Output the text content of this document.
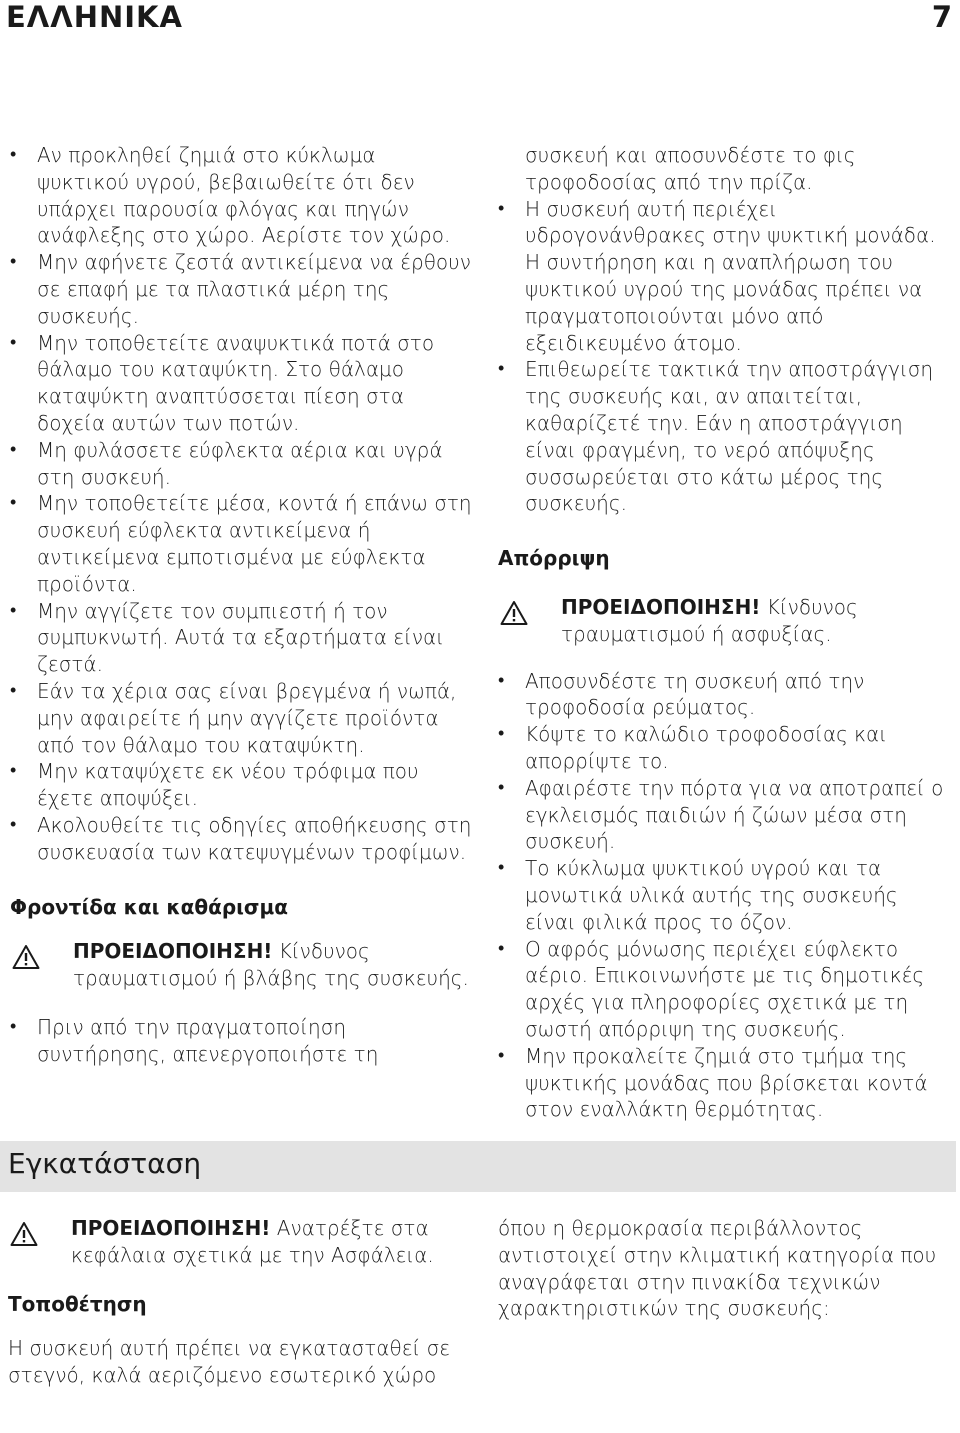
ΕΛΛΗΝΙΚΑ	7
• Αν προκληθεί ζημιά στο κύκλωμα ψυκτικού υγρού, βεβαιωθείτε ότι δεν υπάρχει παρουσία φλόγας και πηγών ανάφλεξης στο χώρο. Αερίστε τον χώρο.
• Μην αφήνετε ζεστά αντικείμενα να έρθουν σε επαφή με τα πλαστικά μέρη της συσκευής.
• Μην τοποθετείτε αναψυκτικά ποτά στο θάλαμο του καταψύκτη. Στο θάλαμο καταψύκτη αναπτύσσεται πίεση στα δοχεία αυτών των ποτών.
• Μη φυλάσσετε εύφλεκτα αέρια και υγρά στη συσκευή.
• Μην τοποθετείτε μέσα, κοντά ή επάνω στη συσκευή εύφλεκτα αντικείμενα ή αντικείμενα εμποτισμένα με εύφλεκτα προϊόντα.
• Μην αγγίζετε τον συμπιεστή ή τον συμπυκνωτή. Αυτά τα εξαρτήματα είναι ζεστά.
• Εάν τα χέρια σας είναι βρεγμένα ή νωπά, μην αφαιρείτε ή μην αγγίζετε προϊόντα από τον θάλαμο του καταψύκτη.
• Μην καταψύχετε εκ νέου τρόφιμα που έχετε αποψύξει.
• Ακολουθείτε τις οδηγίες αποθήκευσης στη συσκευασία των κατεψυγμένων τροφίμων.

Φροντίδα και καθάρισμα

ΠΡΟΕΙΔΟΠΟΙΗΣΗ! Κίνδυνος τραυματισμού ή βλάβης της συσκευής.
• Πριν από την πραγματοποίηση συντήρησης, απενεργοποιήστε τη

συσκευή και αποσυνδέστε το φις τροφοδοσίας από την πρίζα.

• Η συσκευή αυτή περιέχει υδρογονάνθρακες στην ψυκτική μονάδα. Η συντήρηση και η αναπλήρωση του ψυκτικού υγρού της μονάδας πρέπει να πραγματοποιούνται μόνο από εξειδικευμένο άτομο.
• Επιθεωρείτε τακτικά την αποστράγγιση της συσκευής και, αν απαιτείται, καθαρίζετέ την. Εάν η αποστράγγιση είναι φραγμένη, το νερό απόψυξης συσσωρεύεται στο κάτω μέρος της συσκευής.

Απόρριψη

ΠΡΟΕΙΔΟΠΟΙΗΣΗ! Κίνδυνος τραυματισμού ή ασφυξίας.
• Αποσυνδέστε τη συσκευή από την τροφοδοσία ρεύματος.
• Κόψτε το καλώδιο τροφοδοσίας και απορρίψτε το.
• Αφαιρέστε την πόρτα για να αποτραπεί ο εγκλεισμός παιδιών ή ζώων μέσα στη συσκευή.
• Το κύκλωμα ψυκτικού υγρού και τα μονωτικά υλικά αυτής της συσκευής είναι φιλικά προς το όζον.
• Ο αφρός μόνωσης περιέχει εύφλεκτο αέριο. Επικοινωνήστε με τις δημοτικές αρχές για πληροφορίες σχετικά με τη σωστή απόρριψη της συσκευής.
• Μην προκαλείτε ζημιά στο τμήμα της ψυκτικής μονάδας που βρίσκεται κοντά στον εναλλάκτη θερμότητας.
Εγκατάσταση
ΠΡΟΕΙΔΟΠΟΙΗΣΗ! Ανατρέξτε στα κεφάλαια σχετικά με την Ασφάλεια.

Τοποθέτηση

Η συσκευή αυτή πρέπει να εγκατασταθεί σε στεγνό, καλά αεριζόμενο εσωτερικό χώρο

όπου η θερμοκρασία περιβάλλοντος αντιστοιχεί στην κλιματική κατηγορία που αναγράφεται στην πινακίδα τεχνικών χαρακτηριστικών της συσκευής:
